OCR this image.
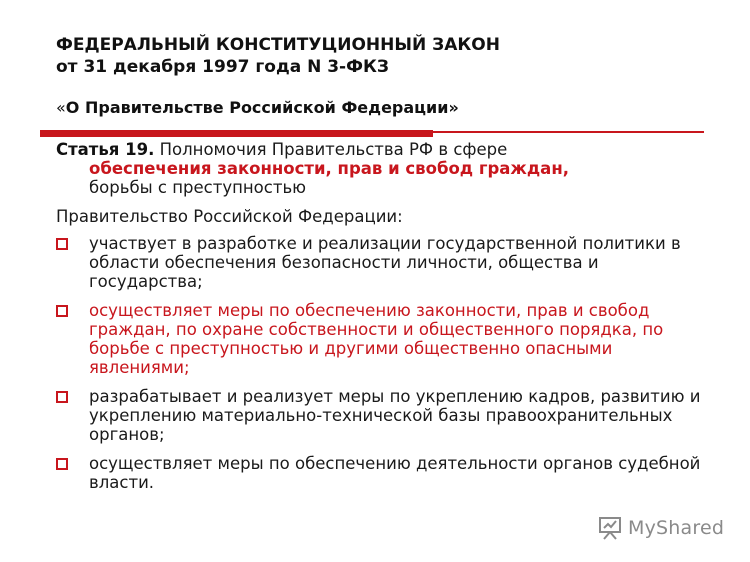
ФЕДЕРАЛЬНЫЙ КОНСТИТУЦИОННЫЙ ЗАКОН
от 31 декабря 1997 года N 3-ФКЗ
«О Правительстве Российской Федерации»
Статья 19. Полномочия Правительства РФ в сфере
обеспечения законности, прав и свобод граждан,
борьбы с преступностью
Правительство Российской Федерации:
участвует в разработке и реализации государственной политики в области обеспечения безопасности личности, общества и государства;
осуществляет меры по обеспечению законности, прав и свобод граждан, по охране собственности и общественного порядка, по борьбе с преступностью и другими общественно опасными явлениями;
разрабатывает и реализует меры по укреплению кадров, развитию и укреплению материально-технической базы правоохранительных органов;
осуществляет меры по обеспечению деятельности органов судебной власти.
MyShared
